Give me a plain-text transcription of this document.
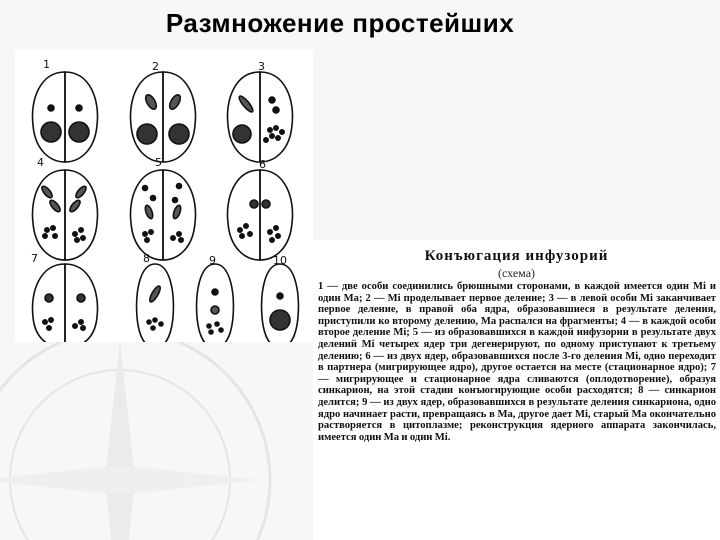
Размножение простейших
1	2	3
4	5	6
7	8	9	10	Конъюгация инфузорий
(схема)
1 — две особи соединились брюшными сторонами, в каждой имеется один Mi и один Ma; 2 — Mi проделывает первое деление; 3 — в левой особи Mi заканчивает первое деление, в правой оба ядра, образовавшиеся в результате деления, приступили ко второму делению, Ma распался на фрагменты; 4 — в каждой особи второе деление Mi; 5 — из образовавшихся в каждой инфузории в результате двух делений Mi четырех ядер три дегенерируют, по одному приступают к третьему делению; 6 — из двух ядер, образовавшихся после 3-го деления Mi, одно переходит в партнера (мигрирующее ядро), другое остается на месте (стационарное ядро); 7 — мигрирующее и стационарное ядра сливаются (оплодотворение), образуя синкарион, на этой стадии конъюгирующие особи расходятся; 8 — синкарион делится; 9 — из двух ядер, образовавшихся в результате деления синкариона, одно ядро начинает расти, превращаясь в Ma, другое дает Mi, старый Ma окончательно растворяется в цитоплазме; реконструкция ядерного аппарата закончилась, имеется один Ma и один Mi.
